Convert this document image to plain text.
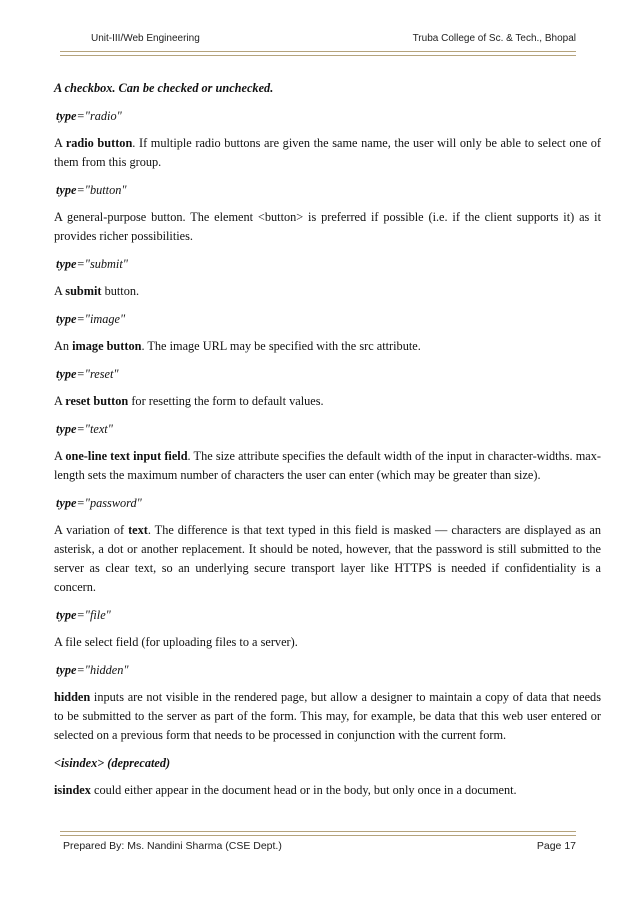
Unit-III/Web Engineering	Truba College of Sc. & Tech., Bhopal

A checkbox. Can be checked or unchecked.

type="radio"

A radio button. If multiple radio buttons are given the same name, the user will only be able to select one of them from this group.

type="button"

A general-purpose button. The element <button> is preferred if possible (i.e. if the client supports it) as it provides richer possibilities.

type="submit"

A submit button.

type="image"

An image button. The image URL may be specified with the src attribute.

type="reset"

A reset button for resetting the form to default values.

type="text"

A one-line text input field. The size attribute specifies the default width of the input in character-widths. max-length sets the maximum number of characters the user can enter (which may be greater than size).

type="password"

A variation of text. The difference is that text typed in this field is masked — characters are displayed as an asterisk, a dot or another replacement. It should be noted, however, that the password is still submitted to the server as clear text, so an underlying secure transport layer like HTTPS is needed if confidentiality is a concern.

type="file"

A file select field (for uploading files to a server).

type="hidden"

hidden inputs are not visible in the rendered page, but allow a designer to maintain a copy of data that needs to be submitted to the server as part of the form. This may, for example, be data that this web user entered or selected on a previous form that needs to be processed in conjunction with the current form.

<isindex> (deprecated)

isindex could either appear in the document head or in the body, but only once in a document.

Prepared By: Ms. Nandini Sharma (CSE Dept.)	Page 17
